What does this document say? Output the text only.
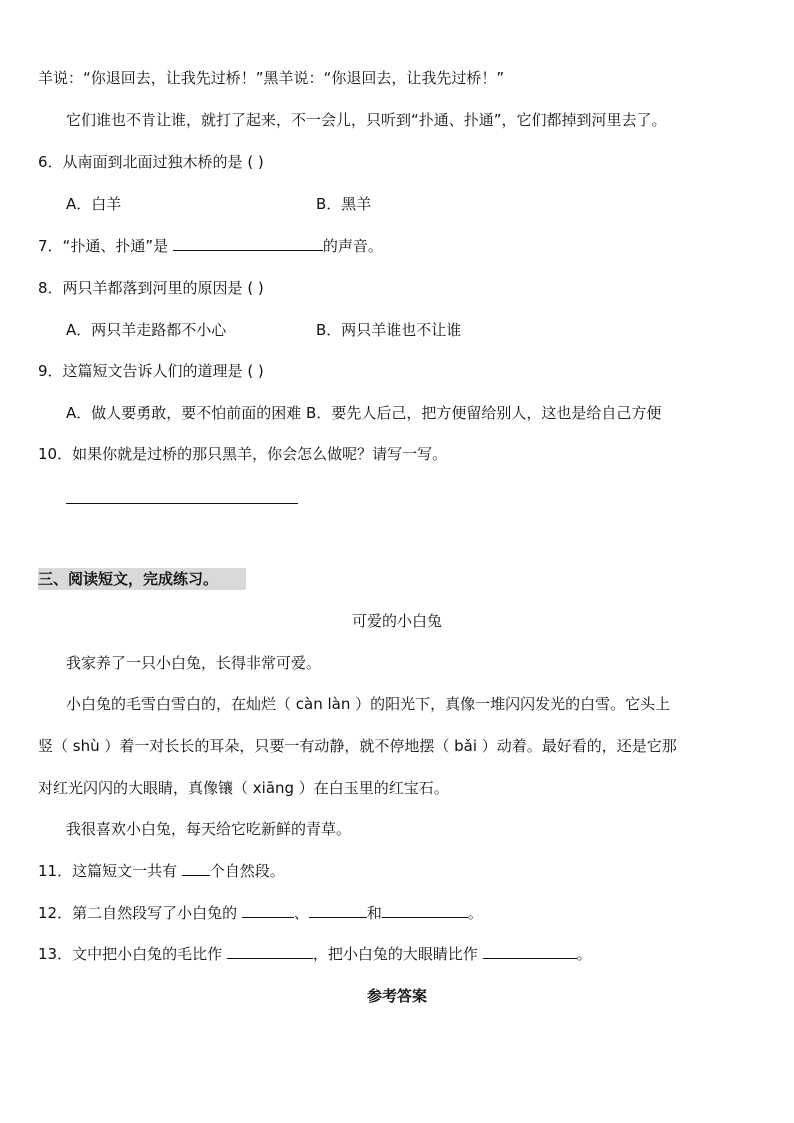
羊说：“你退回去，让我先过桥！”黑羊说：“你退回去，让我先过桥！”
它们谁也不肯让谁，就打了起来，不一会儿，只听到“扑通、扑通”，它们都掉到河里去了。
6．从南面到北面过独木桥的是 ( )
A．白羊	B．黑羊
7．“扑通、扑通”是	的声音。
8．两只羊都落到河里的原因是 ( )
A．两只羊走路都不小心	B．两只羊谁也不让谁
9．这篇短文告诉人们的道理是 ( )
A．做人要勇敢，要不怕前面的困难 B．要先人后己，把方便留给别人，这也是给自己方便
10．如果你就是过桥的那只黑羊，你会怎么做呢？请写一写。
三、阅读短文，完成练习。
可爱的小白兔
我家养了一只小白兔，长得非常可爱。
小白兔的毛雪白雪白的，在灿烂（ càn làn ）的阳光下，真像一堆闪闪发光的白雪。它头上
竖（ shù ）着一对长长的耳朵，只要一有动静，就不停地摆（ bǎi ）动着。最好看的，还是它那
对红光闪闪的大眼睛，真像镶（ xiāng ）在白玉里的红宝石。
我很喜欢小白兔，每天给它吃新鲜的青草。
11．这篇短文一共有 个自然段。
12．第二自然段写了小白兔的	、	和	。
13．文中把小白兔的毛比作	，把小白兔的大眼睛比作	。
参考答案
